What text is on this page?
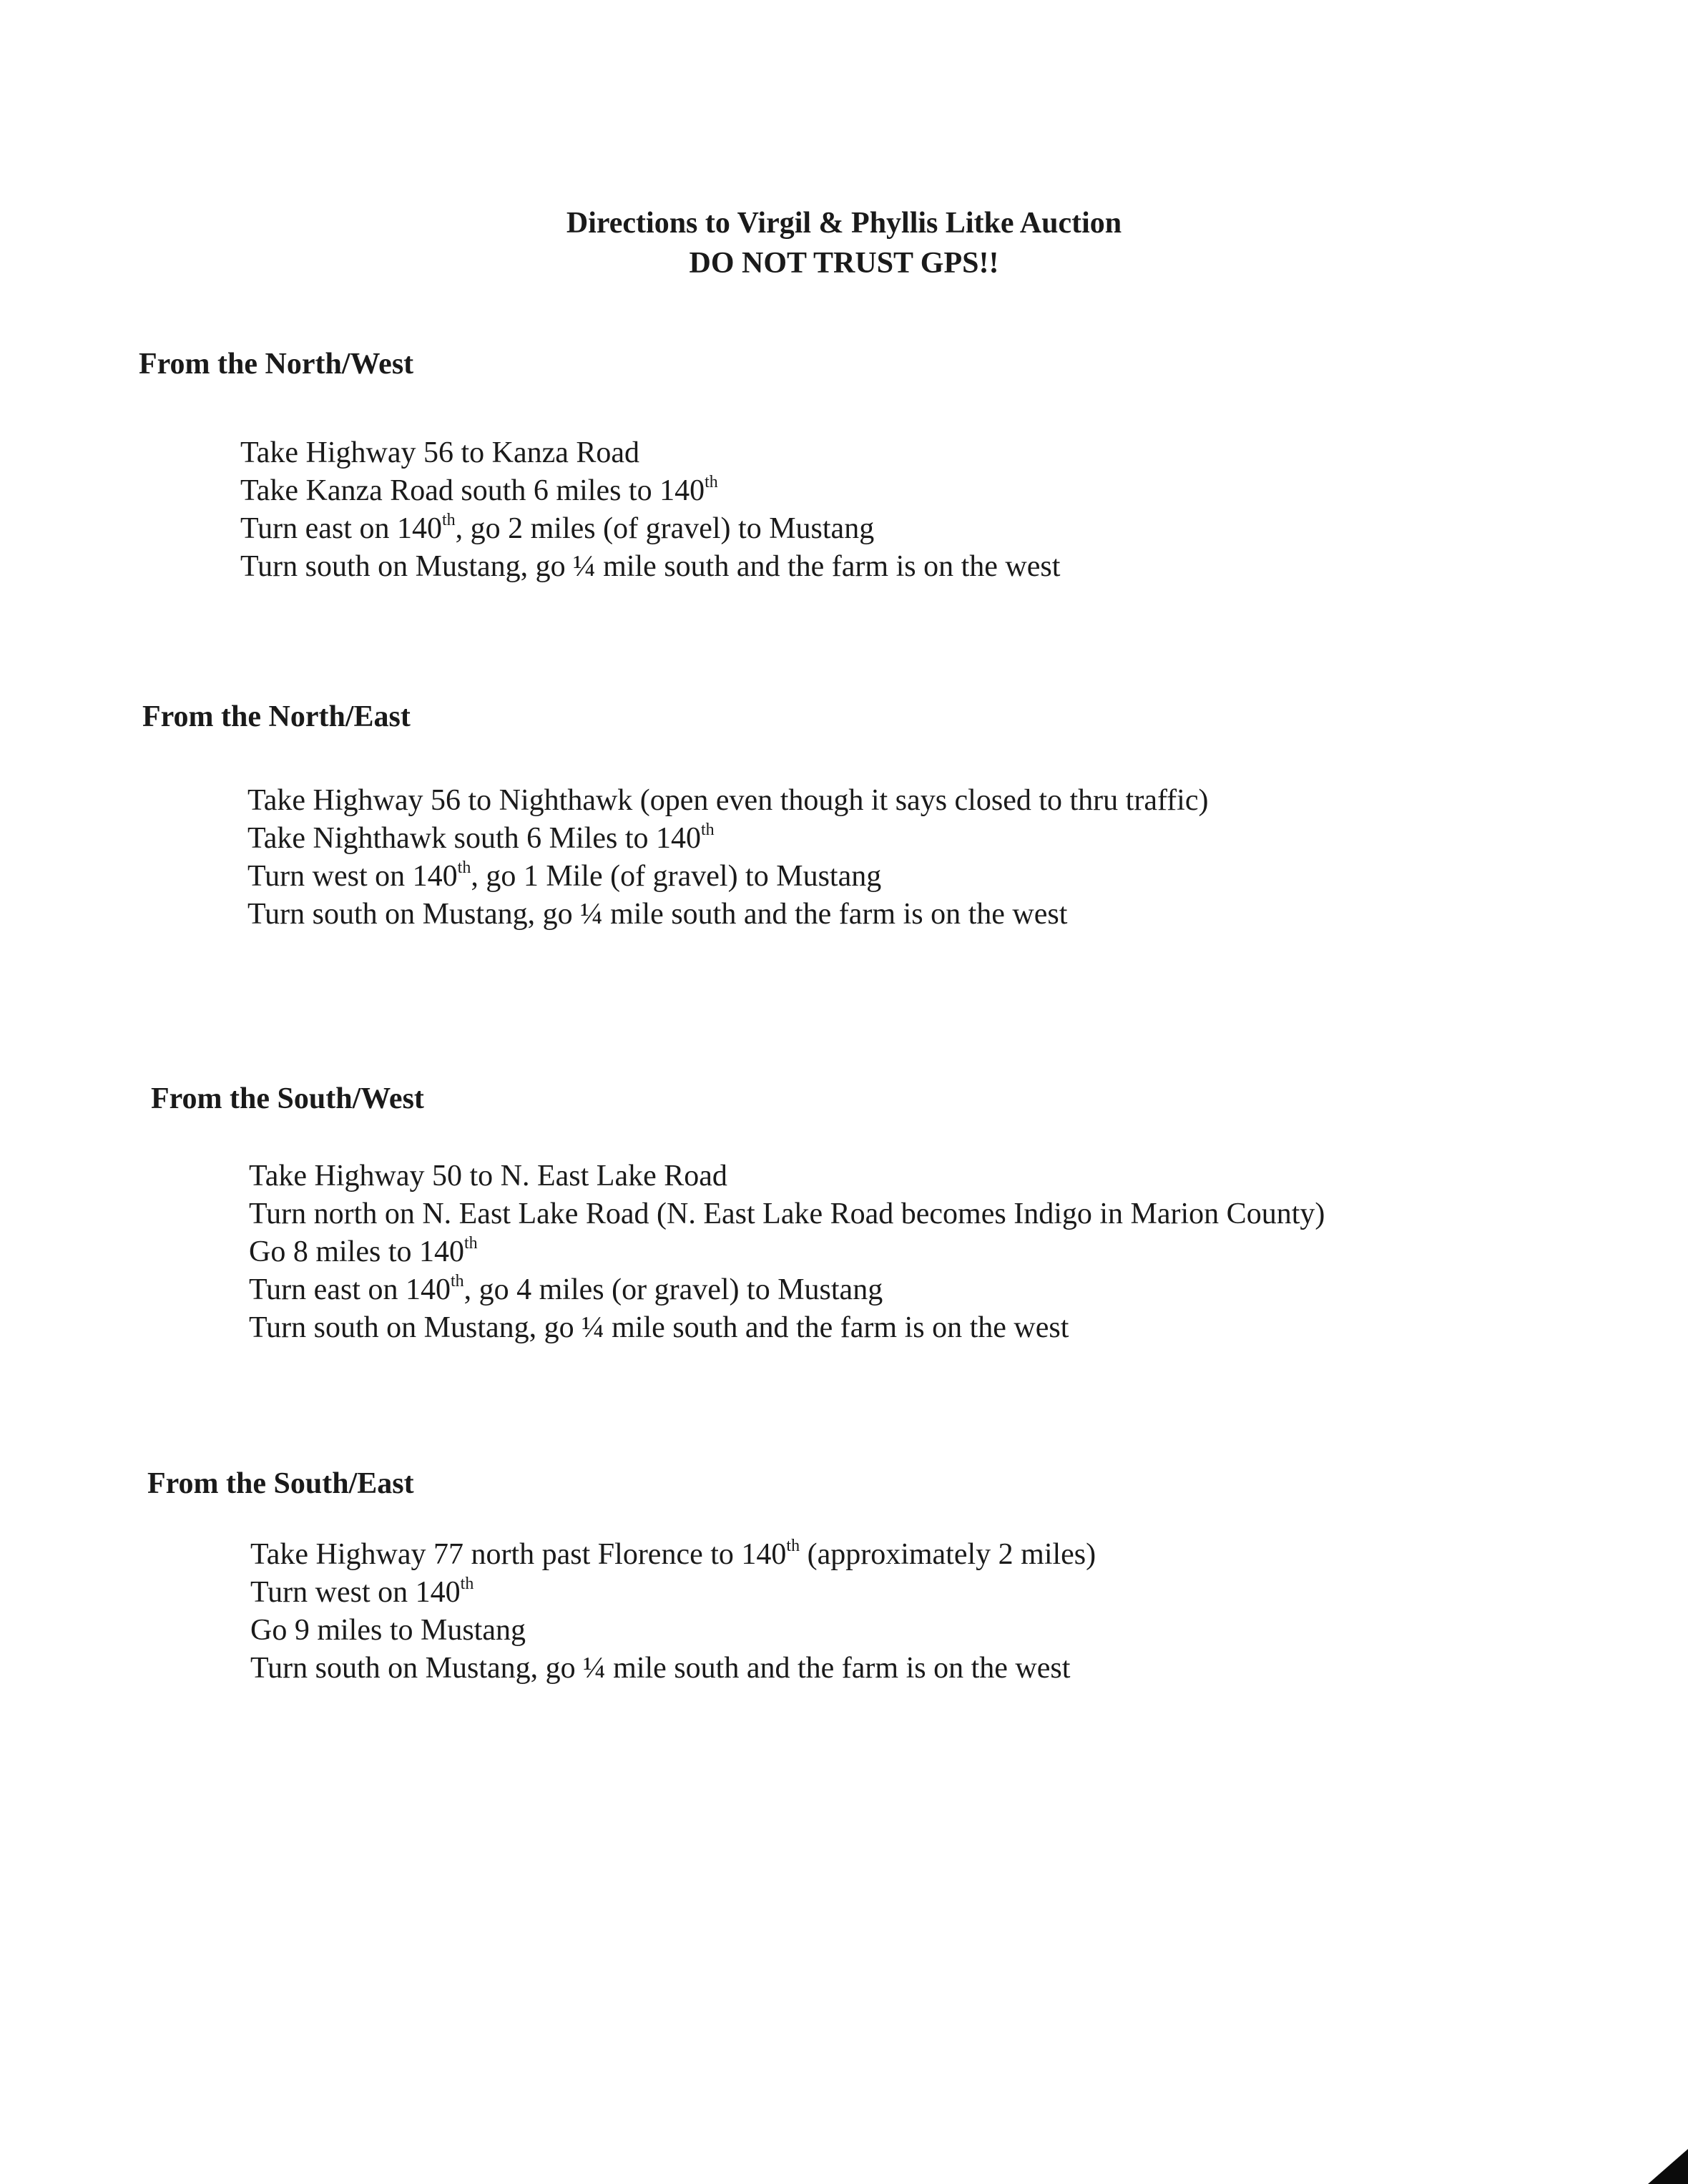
Directions to Virgil & Phyllis Litke Auction
DO NOT TRUST GPS!!
From the North/West
Take Highway 56 to Kanza Road
Take Kanza Road south 6 miles to 140th
Turn east on 140th, go 2 miles (of gravel) to Mustang
Turn south on Mustang, go ¼ mile south and the farm is on the west
From the North/East
Take Highway 56 to Nighthawk (open even though it says closed to thru traffic)
Take Nighthawk south 6 Miles to 140th
Turn west on 140th, go 1 Mile (of gravel) to Mustang
Turn south on Mustang, go ¼ mile south and the farm is on the west
From the South/West
Take Highway 50 to N. East Lake Road
Turn north on N. East Lake Road (N. East Lake Road becomes Indigo in Marion County)
Go 8 miles to 140th
Turn east on 140th, go 4 miles (or gravel) to Mustang
Turn south on Mustang, go ¼ mile south and the farm is on the west
From the South/East
Take Highway 77 north past Florence to 140th (approximately 2 miles)
Turn west on 140th
Go 9 miles to Mustang
Turn south on Mustang, go ¼ mile south and the farm is on the west
